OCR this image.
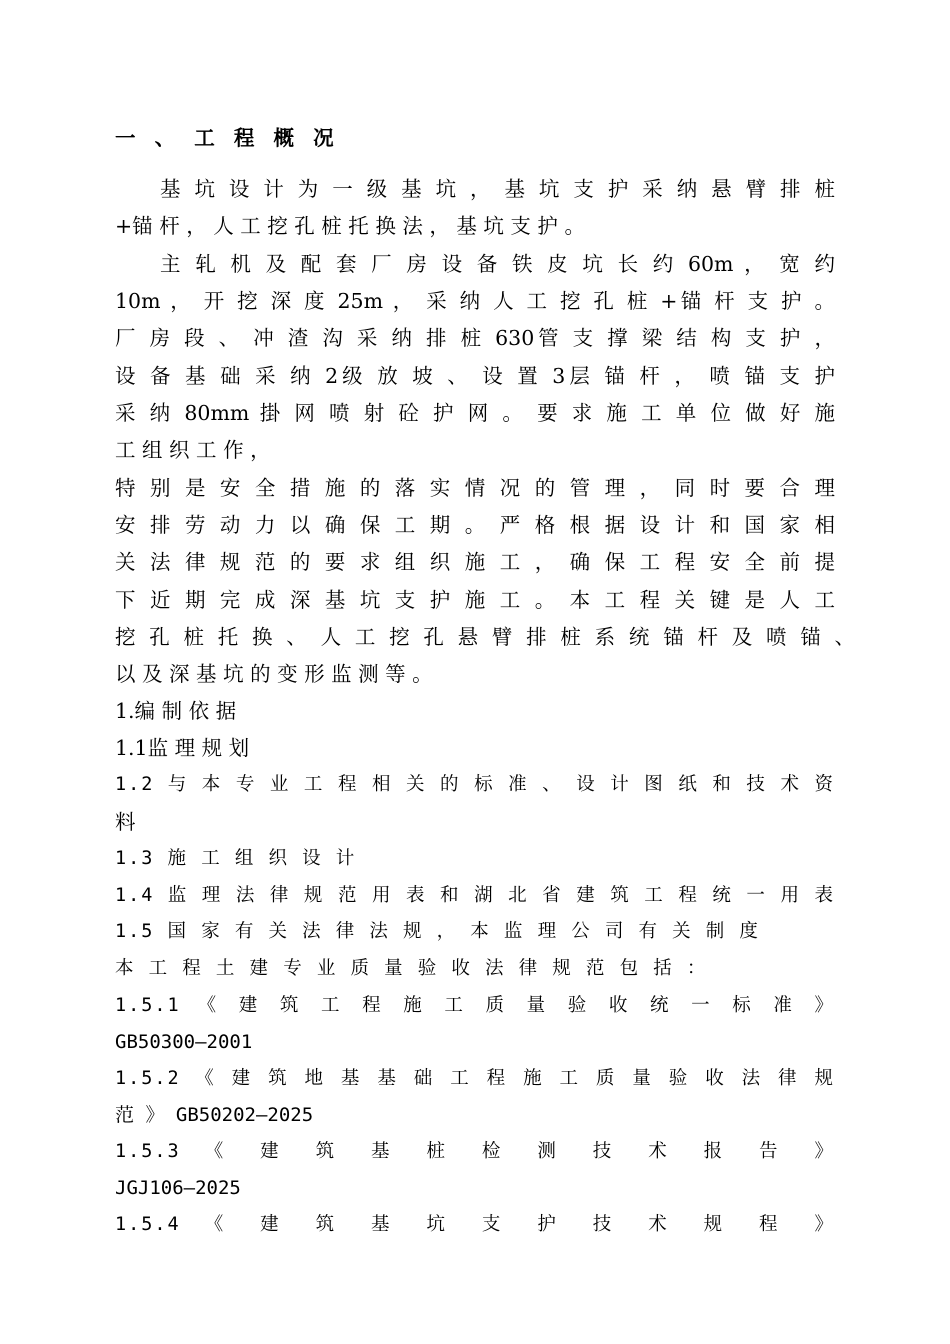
一 、 工 程 概 况
基 坑 设 计 为 一 级 基 坑 ， 基 坑 支 护 采 纳 悬 臂 排 桩
+锚 杆 ， 人 工 挖 孔 桩 托 换 法 ， 基 坑 支 护 。
主 轧 机 及 配 套 厂 房 设 备 铁 皮 坑 长 约 60m ， 宽 约
10m ， 开 挖 深 度 25m ， 采 纳 人 工 挖 孔 桩 +锚 杆 支 护 。
厂 房 段 、 冲 渣 沟 采 纳 排 桩 630管 支 撑 梁 结 构 支 护 ，
设 备 基 础 采 纳 2级 放 坡 、 设 置 3层 锚 杆 ， 喷 锚 支 护
采 纳 80mm 掛 网 喷 射 砼 护 网 。 要 求 施 工 单 位 做 好 施
工 组 织 工 作 ，
特 别 是 安 全 措 施 的 落 实 情 况 的 管 理 ， 同 时 要 合 理
安 排 劳 动 力 以 确 保 工 期 。 严 格 根 据 设 计 和 国 家 相
关 法 律 规 范 的 要 求 组 织 施 工 ， 确 保 工 程 安 全 前 提
下 近 期 完 成 深 基 坑 支 护 施 工 。 本 工 程 关 键 是 人 工
挖 孔 桩 托 换 、 人 工 挖 孔 悬 臂 排 桩 系 统 锚 杆 及 喷 锚 、
以 及 深 基 坑 的 变 形 监 测 等 。
1.编 制 依 据
1.1监 理 规 划
1.2 与 本 专 业 工 程 相 关 的 标 准 、 设 计 图 纸 和 技 术 资
料
1.3 施 工 组 织 设 计
1.4 监 理 法 律 规 范 用 表 和 湖 北 省 建 筑 工 程 统 一 用 表
1.5 国 家 有 关 法 律 法 规 ， 本 监 理 公 司 有 关 制 度
本 工 程 土 建 专 业 质 量 验 收 法 律 规 范 包 括 ：
1.5.1 《 建 筑 工 程 施 工 质 量 验 收 统 一 标 准 》
GB50300—2001
1.5.2 《 建 筑 地 基 基 础 工 程 施 工 质 量 验 收 法 律 规
范 》 GB50202—2025
1.5.3 《 建 筑 基 桩 检 测 技 术 报 告 》
JGJ106—2025
1.5.4 《 建 筑 基 坑 支 护 技 术 规 程 》
